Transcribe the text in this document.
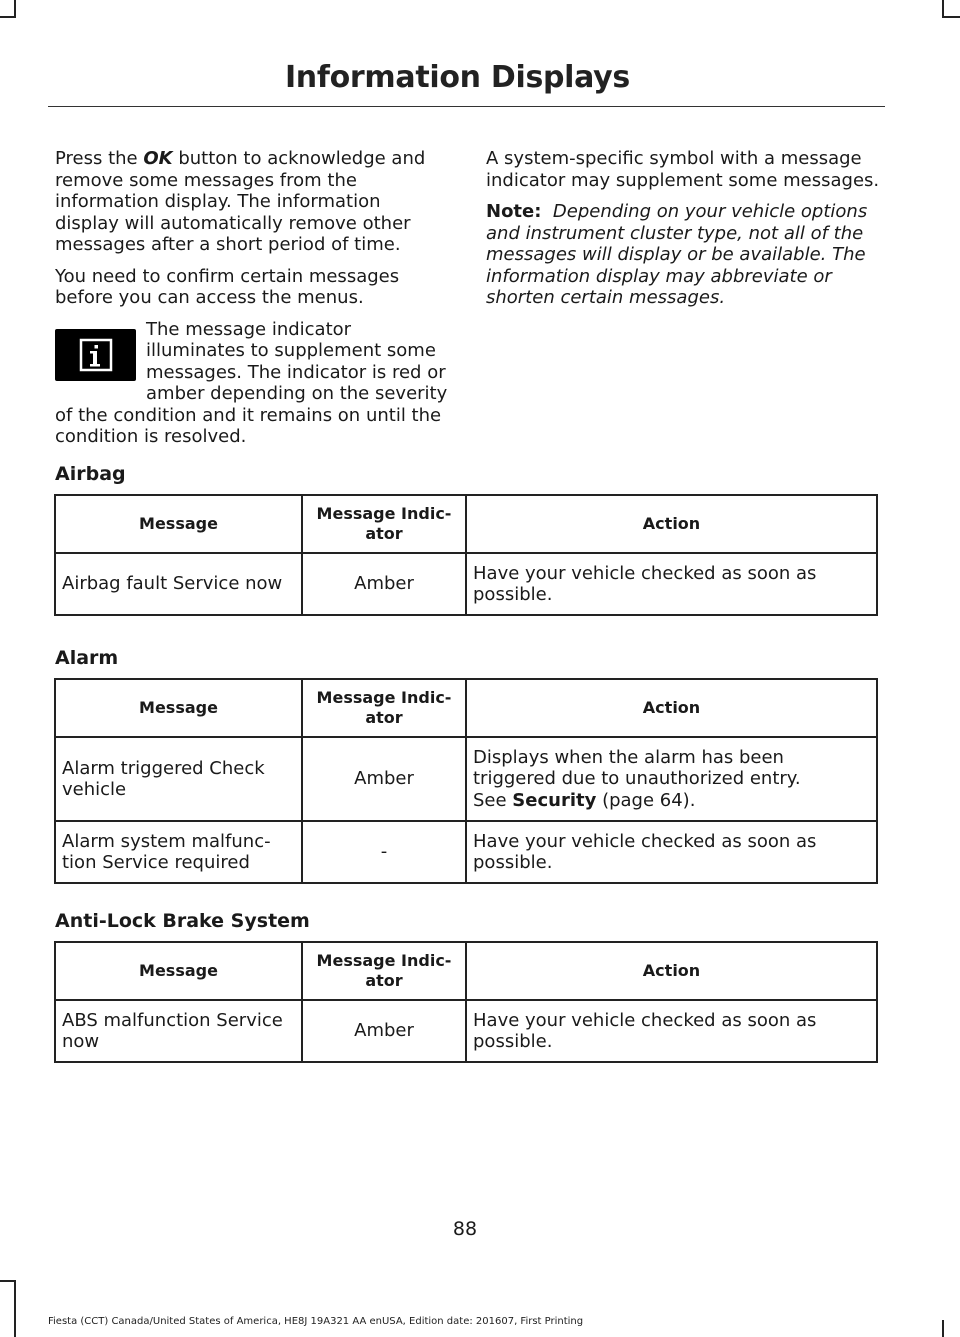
Information Displays

Press the OK button to acknowledge and remove some messages from the information display. The information display will automatically remove other messages after a short period of time.

You need to confirm certain messages before you can access the menus.

The message indicator illuminates to supplement some messages. The indicator is red or amber depending on the severity of the condition and it remains on until the condition is resolved.

A system-specific symbol with a message indicator may supplement some messages.

Note: Depending on your vehicle options and instrument cluster type, not all of the messages will display or be available. The information display may abbreviate or shorten certain messages.

Airbag
Message	Message Indic-ator	Action
Airbag fault Service now	Amber	Have your vehicle checked as soon as possible.
Alarm
Message	Message Indic-ator	Action
Alarm triggered Check vehicle	Amber	Displays when the alarm has been triggered due to unauthorized entry.
See Security (page 64).
Alarm system malfunc-tion Service required	-	Have your vehicle checked as soon as possible.
Anti-Lock Brake System
Message	Message Indic-ator	Action
ABS malfunction Service now	Amber	Have your vehicle checked as soon as possible.
88
Fiesta (CCT) Canada/United States of America, HE8J 19A321 AA enUSA, Edition date: 201607, First Printing
